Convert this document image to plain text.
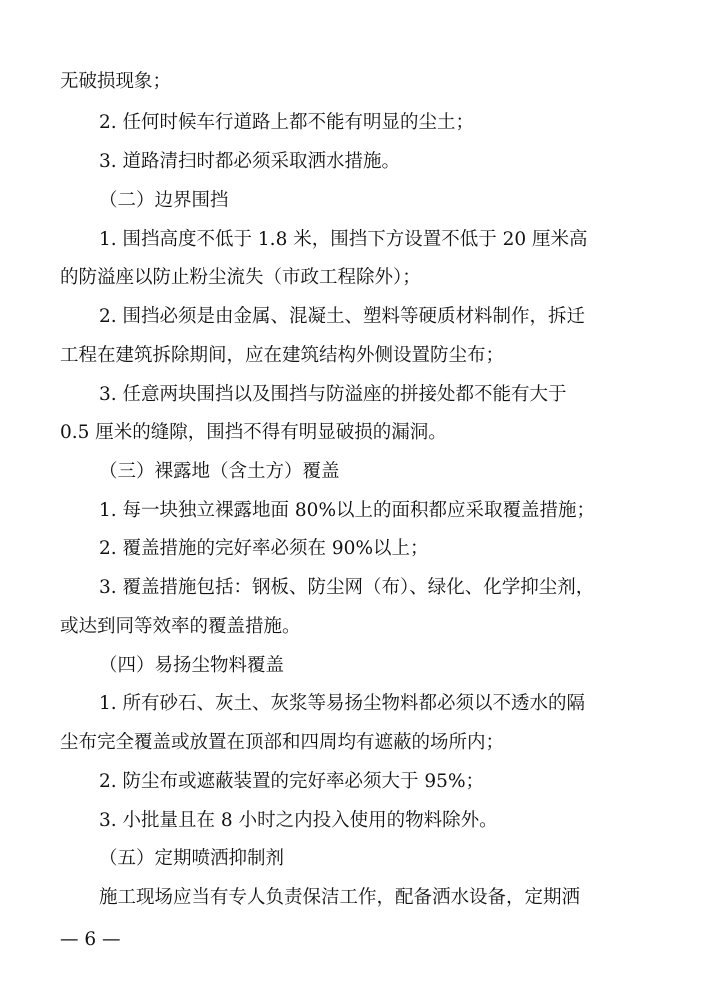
无破损现象；
2. 任何时候车行道路上都不能有明显的尘土；
3. 道路清扫时都必须采取洒水措施。
（二）边界围挡
1. 围挡高度不低于 1.8 米，围挡下方设置不低于 20 厘米高
的防溢座以防止粉尘流失（市政工程除外）；
2. 围挡必须是由金属、混凝土、塑料等硬质材料制作，拆迁
工程在建筑拆除期间，应在建筑结构外侧设置防尘布；
3. 任意两块围挡以及围挡与防溢座的拼接处都不能有大于
0.5 厘米的缝隙，围挡不得有明显破损的漏洞。
（三）裸露地（含土方）覆盖
1. 每一块独立裸露地面 80%以上的面积都应采取覆盖措施；
2. 覆盖措施的完好率必须在 90%以上；
3. 覆盖措施包括：钢板、防尘网（布）、绿化、化学抑尘剂，
或达到同等效率的覆盖措施。
（四）易扬尘物料覆盖
1. 所有砂石、灰土、灰浆等易扬尘物料都必须以不透水的隔
尘布完全覆盖或放置在顶部和四周均有遮蔽的场所内；
2. 防尘布或遮蔽装置的完好率必须大于 95%；
3. 小批量且在 8 小时之内投入使用的物料除外。
（五）定期喷洒抑制剂
施工现场应当有专人负责保洁工作，配备洒水设备，定期洒
— 6 —
